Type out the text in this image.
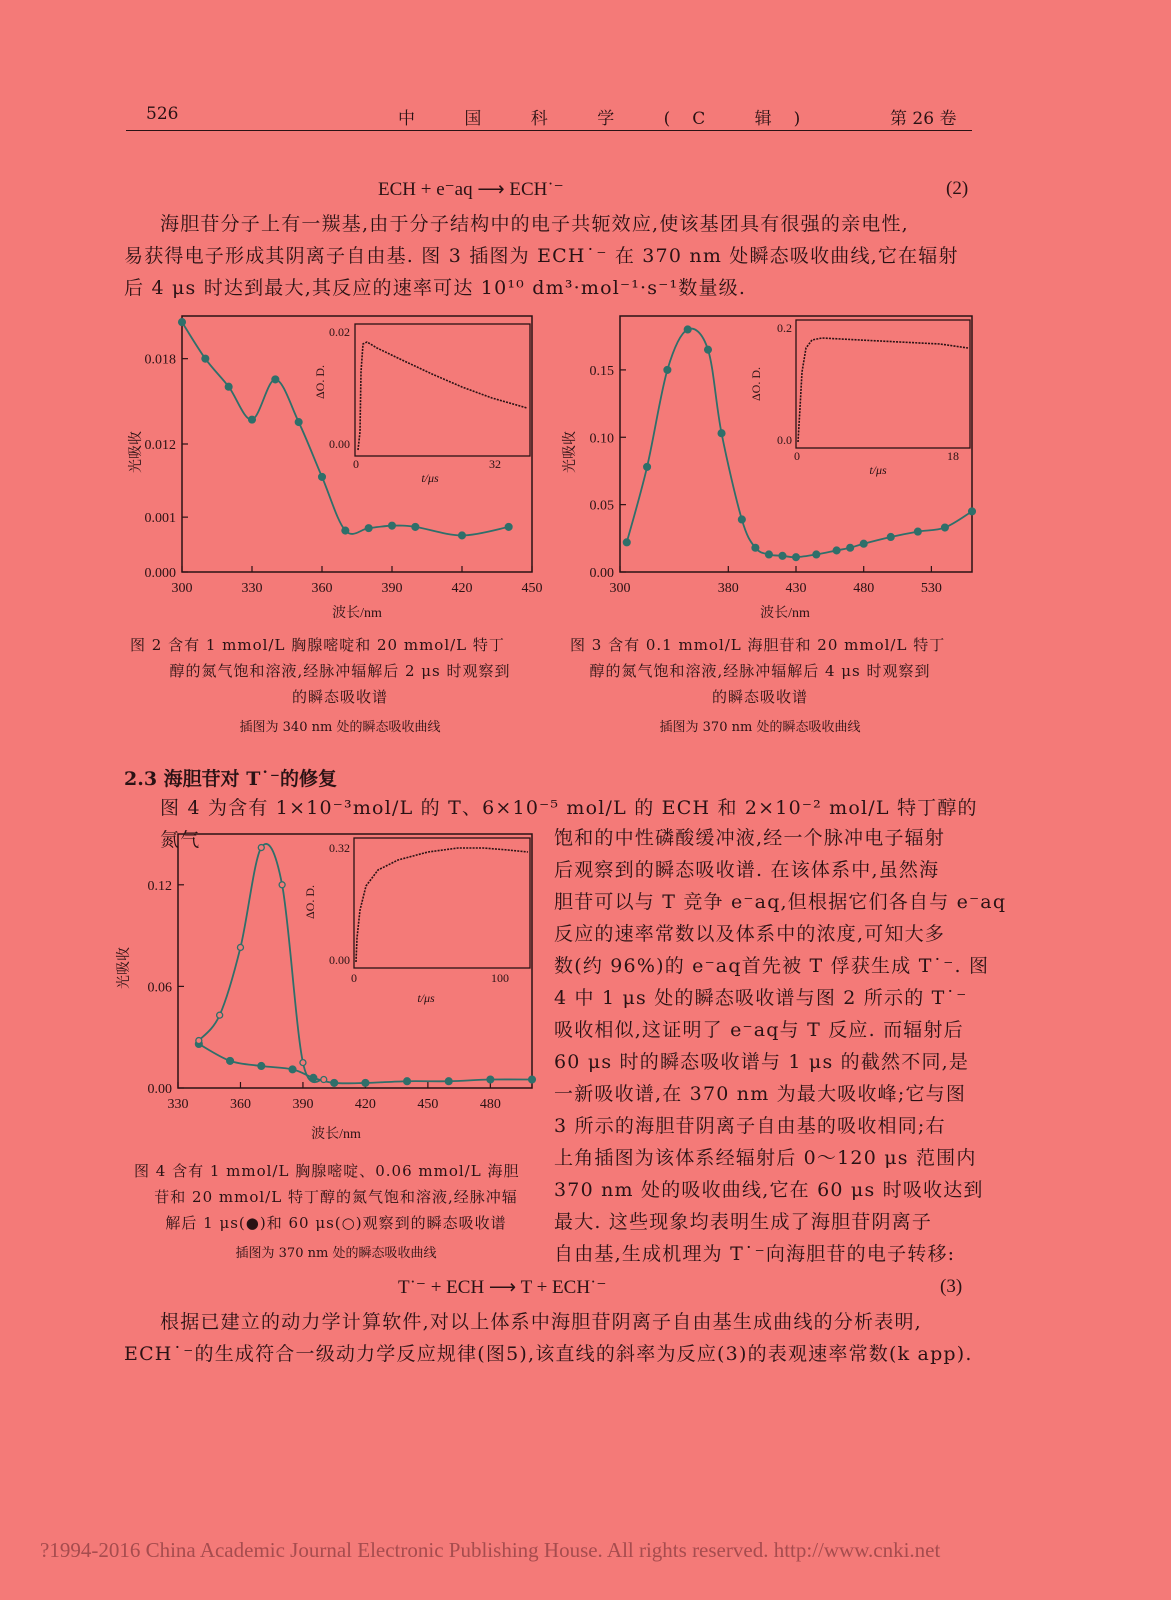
526	中 国 科 学 (C 辑)	第 26 卷
ECH + e⁻aq ⟶ ECH˙⁻	(2)
海胆苷分子上有一羰基,由于分子结构中的电子共轭效应,使该基团具有很强的亲电性,
易获得电子形成其阴离子自由基. 图 3 插图为 ECH˙⁻ 在 370 nm 处瞬态吸收曲线,它在辐射
后 4 μs 时达到最大,其反应的速率可达 10¹⁰ dm³·mol⁻¹·s⁻¹数量级.
300	330	360	390	420	450
0.000
0.001
0.012
0.018
光吸收
波长/nm
ΔO. D.
t/μs
0	32
0.00
0.02
图 2 含有 1 mmol/L 胸腺嘧啶和 20 mmol/L 特丁
醇的氮气饱和溶液,经脉冲辐解后 2 μs 时观察到
的瞬态吸收谱
插图为 340 nm 处的瞬态吸收曲线
300	380	430	480	530
0.00
0.05
0.10
0.15
光吸收
波长/nm
ΔO. D.
t/μs
0	18
0.0
0.2
图 3 含有 0.1 mmol/L 海胆苷和 20 mmol/L 特丁
醇的氮气饱和溶液,经脉冲辐解后 4 μs 时观察到
的瞬态吸收谱
插图为 370 nm 处的瞬态吸收曲线
2.3 海胆苷对 T˙⁻的修复
图 4 为含有 1×10⁻³mol/L 的 T、6×10⁻⁵ mol/L 的 ECH 和 2×10⁻² mol/L 特丁醇的氮气
330	360	390	420	450	480
0.00
0.06
0.12
光吸收
波长/nm
ΔO. D.
t/μs
0	100
0.00
0.32
图 4 含有 1 mmol/L 胸腺嘧啶、0.06 mmol/L 海胆
苷和 20 mmol/L 特丁醇的氮气饱和溶液,经脉冲辐
解后 1 μs(●)和 60 μs(○)观察到的瞬态吸收谱
插图为 370 nm 处的瞬态吸收曲线
饱和的中性磷酸缓冲液,经一个脉冲电子辐射
后观察到的瞬态吸收谱. 在该体系中,虽然海
胆苷可以与 T 竞争 e⁻aq,但根据它们各自与 e⁻aq
反应的速率常数以及体系中的浓度,可知大多
数(约 96%)的 e⁻aq首先被 T 俘获生成 T˙⁻. 图
4 中 1 μs 处的瞬态吸收谱与图 2 所示的 T˙⁻
吸收相似,这证明了 e⁻aq与 T 反应. 而辐射后
60 μs 时的瞬态吸收谱与 1 μs 的截然不同,是
一新吸收谱,在 370 nm 为最大吸收峰;它与图
3 所示的海胆苷阴离子自由基的吸收相同;右
上角插图为该体系经辐射后 0～120 μs 范围内
370 nm 处的吸收曲线,它在 60 μs 时吸收达到
最大. 这些现象均表明生成了海胆苷阴离子
自由基,生成机理为 T˙⁻向海胆苷的电子转移:
T˙⁻ + ECH ⟶ T + ECH˙⁻	(3)
根据已建立的动力学计算软件,对以上体系中海胆苷阴离子自由基生成曲线的分析表明,
ECH˙⁻的生成符合一级动力学反应规律(图5),该直线的斜率为反应(3)的表观速率常数(k app).
?1994-2016 China Academic Journal Electronic Publishing House. All rights reserved. http://www.cnki.net
